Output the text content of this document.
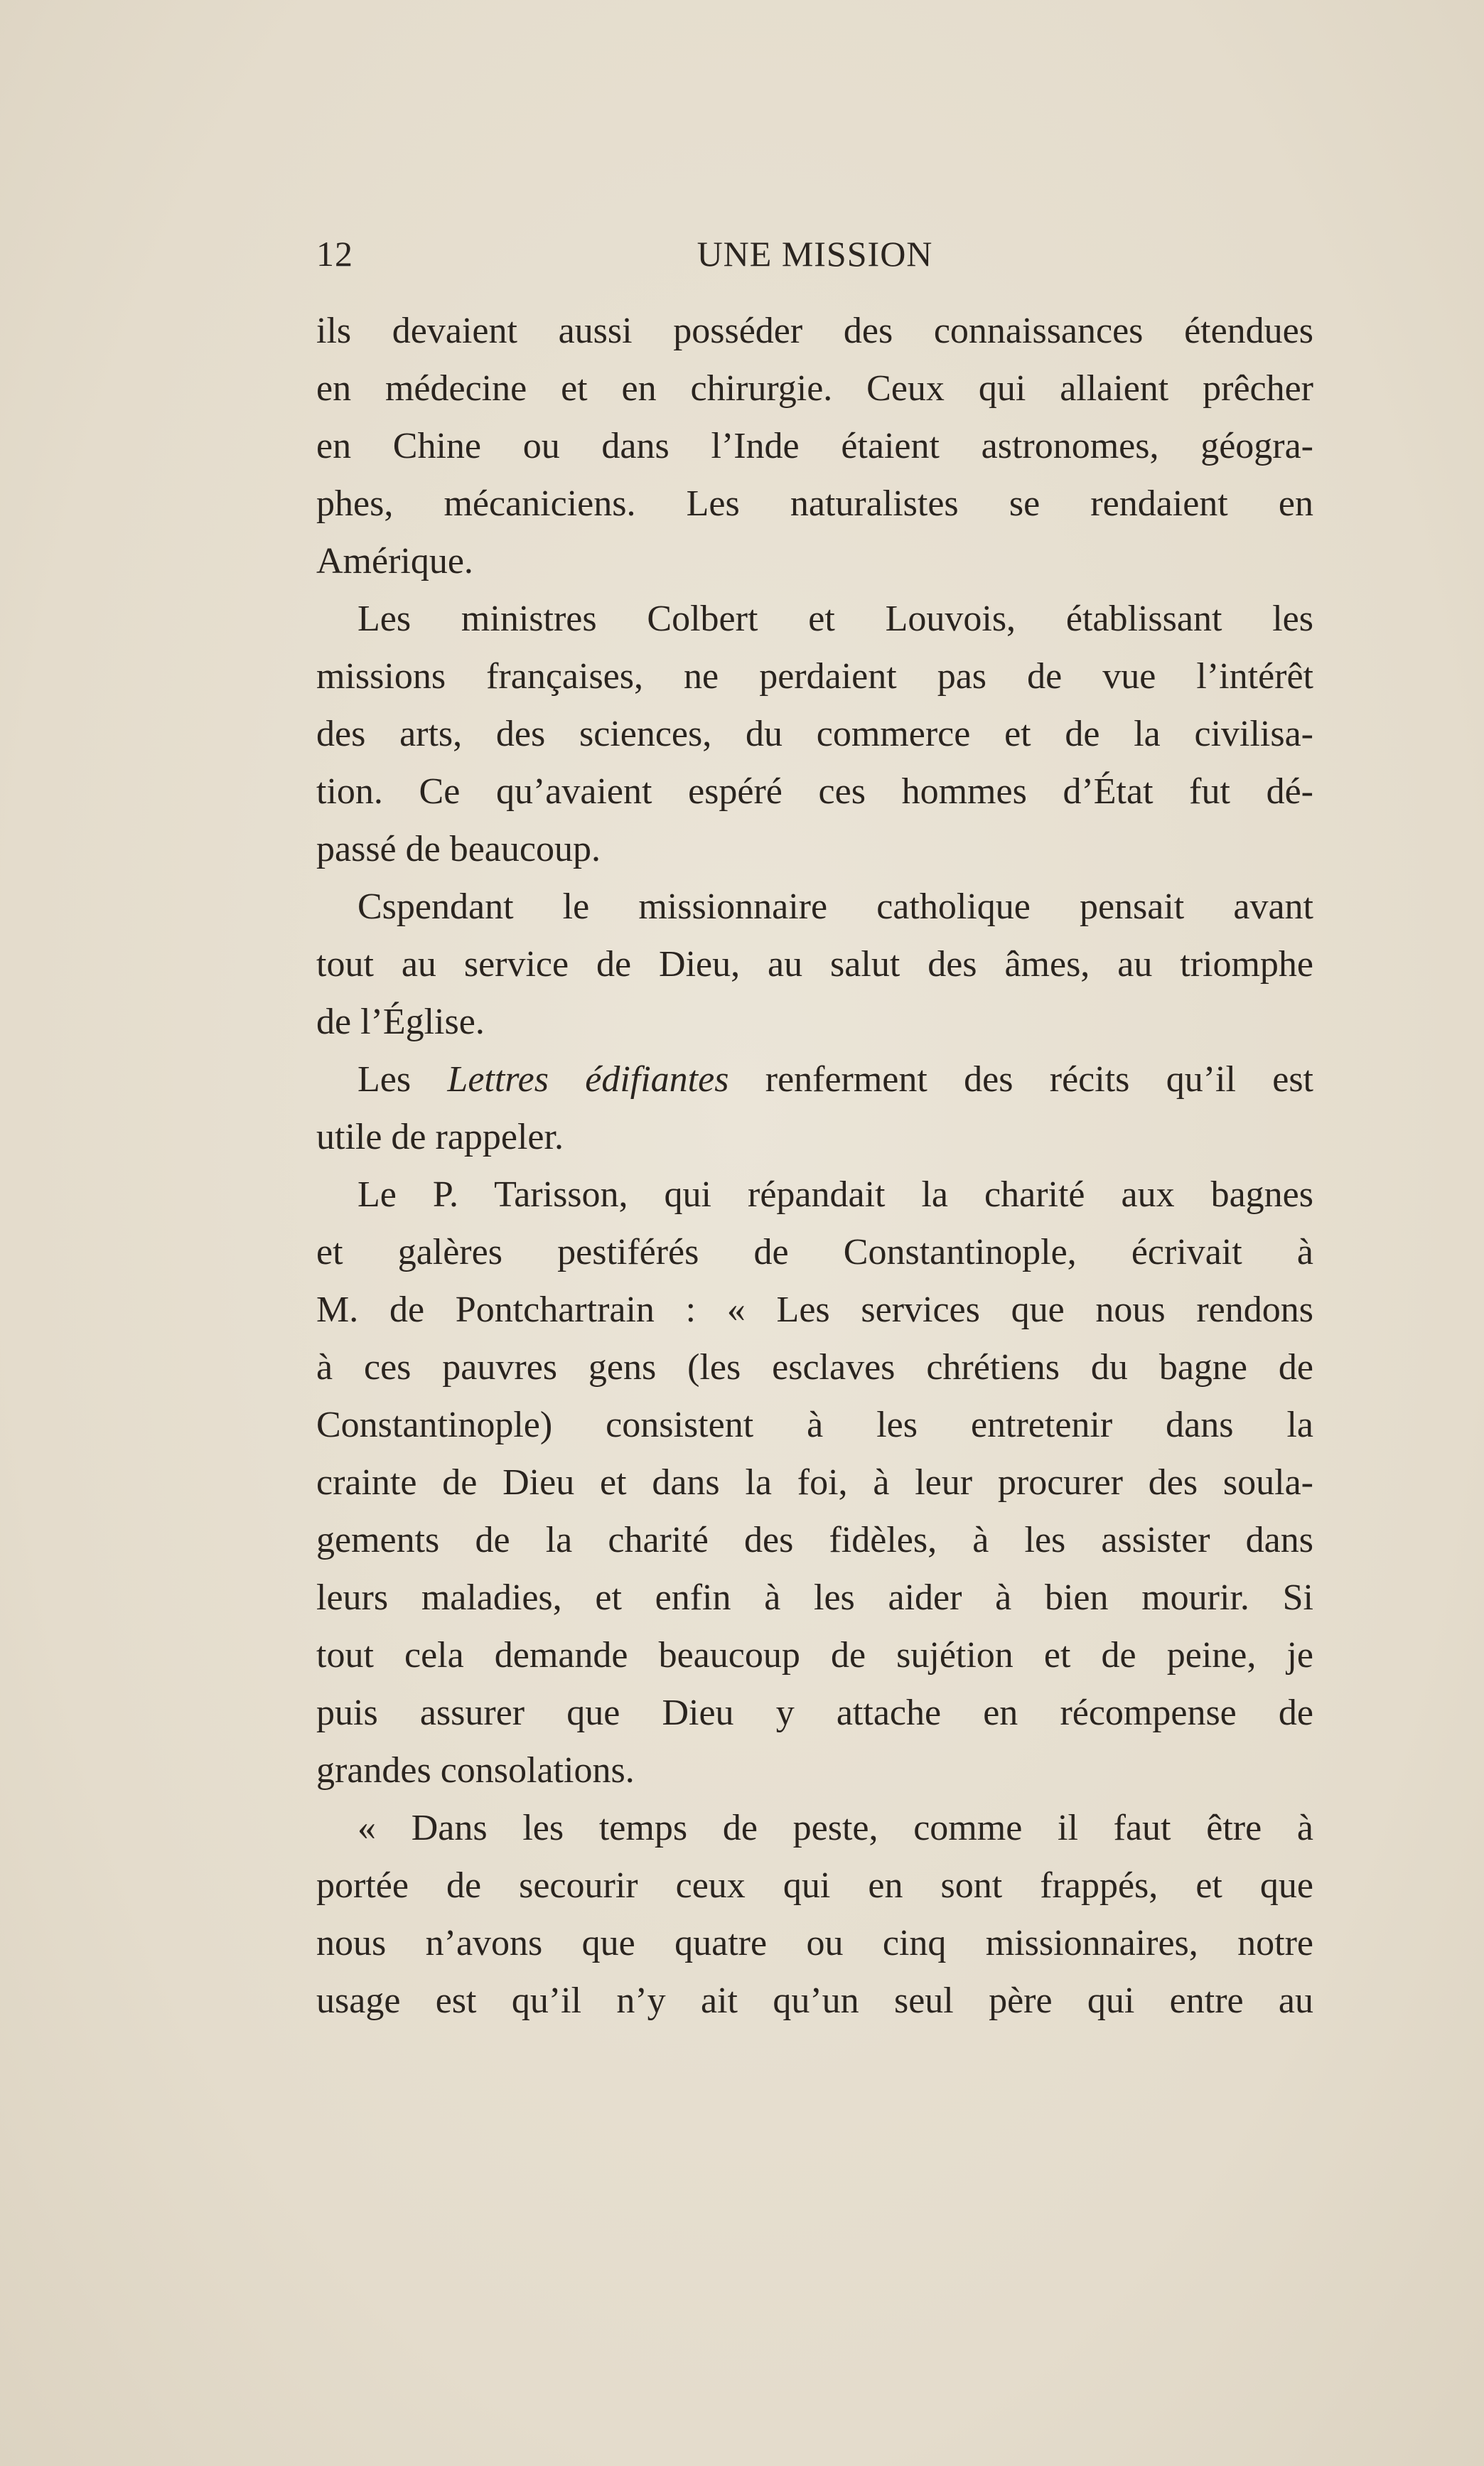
12	UNE MISSION
ils devaient aussi posséder des connaissances étendues
en médecine et en chirurgie. Ceux qui allaient prêcher
en Chine ou dans l’Inde étaient astronomes, géogra-
phes, mécaniciens. Les naturalistes se rendaient en
Amérique.
Les ministres Colbert et Louvois, établissant les
missions françaises, ne perdaient pas de vue l’intérêt
des arts, des sciences, du commerce et de la civilisa-
tion. Ce qu’avaient espéré ces hommes d’État fut dé-
passé de beaucoup.
Cspendant le missionnaire catholique pensait avant
tout au service de Dieu, au salut des âmes, au triomphe
de l’Église.
Les Lettres édifiantes renferment des récits qu’il est
utile de rappeler.
Le P. Tarisson, qui répandait la charité aux bagnes
et galères pestiférés de Constantinople, écrivait à
M. de Pontchartrain : « Les services que nous rendons
à ces pauvres gens (les esclaves chrétiens du bagne de
Constantinople) consistent à les entretenir dans la
crainte de Dieu et dans la foi, à leur procurer des soula-
gements de la charité des fidèles, à les assister dans
leurs maladies, et enfin à les aider à bien mourir. Si
tout cela demande beaucoup de sujétion et de peine, je
puis assurer que Dieu y attache en récompense de
grandes consolations.
« Dans les temps de peste, comme il faut être à
portée de secourir ceux qui en sont frappés, et que
nous n’avons que quatre ou cinq missionnaires, notre
usage est qu’il n’y ait qu’un seul père qui entre au
